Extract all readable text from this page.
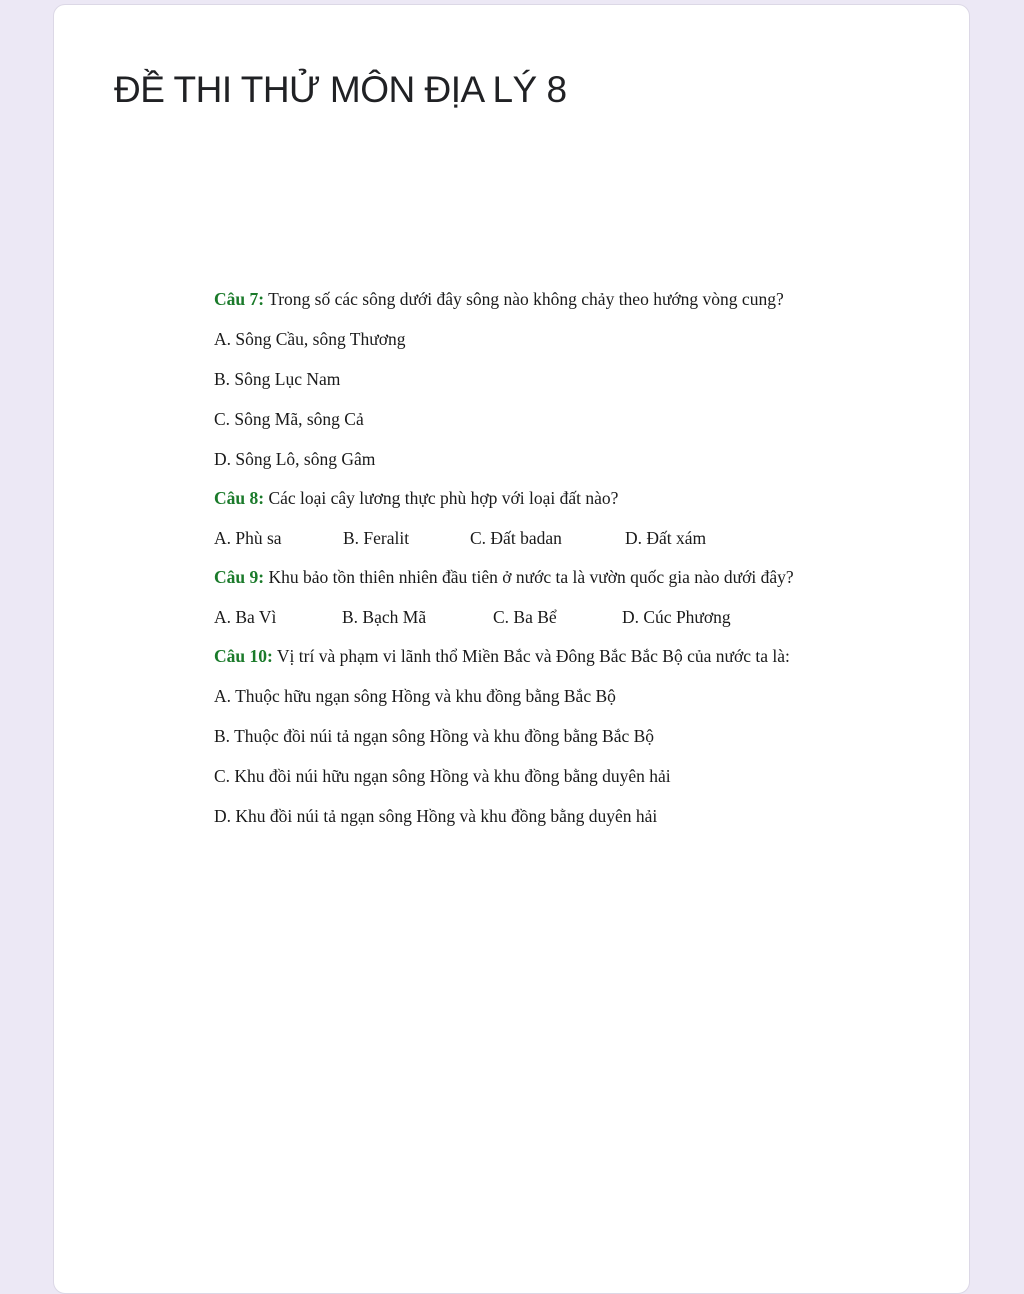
ĐỀ THI THỬ MÔN ĐỊA LÝ 8

Câu 7: Trong số các sông dưới đây sông nào không chảy theo hướng vòng cung?

A. Sông Cầu, sông Thương

B. Sông Lục Nam

C. Sông Mã, sông Cả

D. Sông Lô, sông Gâm

Câu 8: Các loại cây lương thực phù hợp với loại đất nào?

A. Phù sa	B. Feralit	C. Đất badan	D. Đất xám

Câu 9: Khu bảo tồn thiên nhiên đầu tiên ở nước ta là vườn quốc gia nào dưới đây?

A. Ba Vì	B. Bạch Mã	C. Ba Bể	D. Cúc Phương

Câu 10: Vị trí và phạm vi lãnh thổ Miền Bắc và Đông Bắc Bắc Bộ của nước ta là:

A. Thuộc hữu ngạn sông Hồng và khu đồng bằng Bắc Bộ

B. Thuộc đồi núi tả ngạn sông Hồng và khu đồng bằng Bắc Bộ

C. Khu đồi núi hữu ngạn sông Hồng và khu đồng bằng duyên hải

D. Khu đồi núi tả ngạn sông Hồng và khu đồng bằng duyên hải
